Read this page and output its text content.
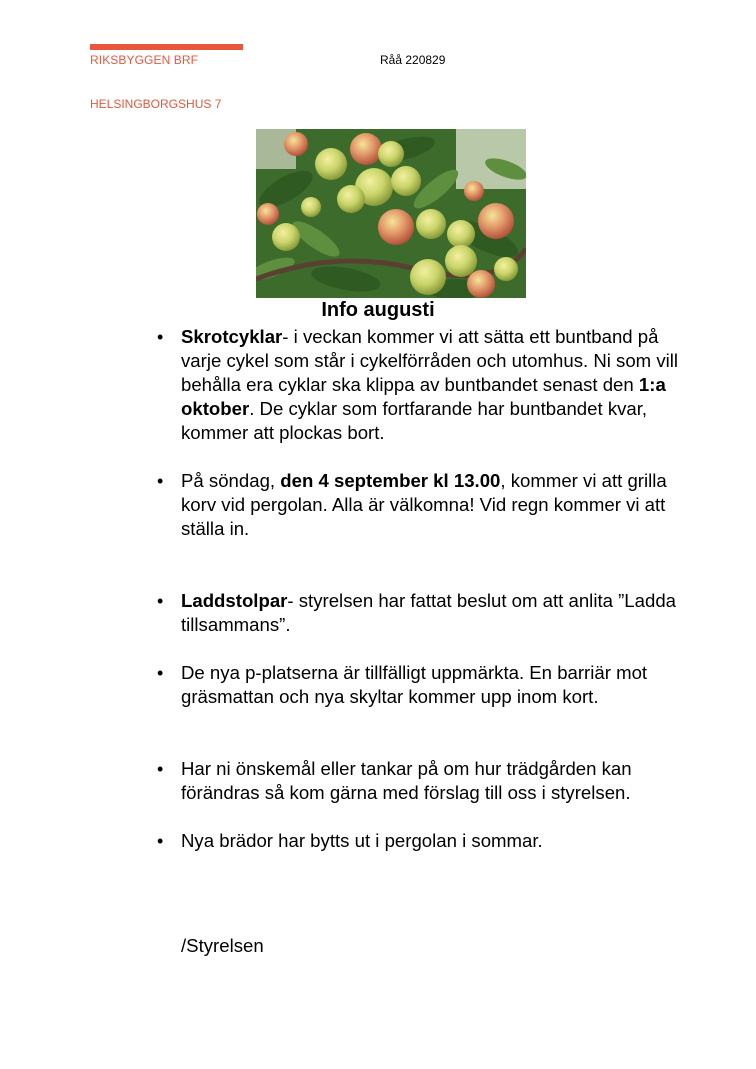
RIKSBYGGEN BRF	Råå 220829
HELSINGBORGSHUS 7
Info augusti
• Skrotcyklar- i veckan kommer vi att sätta ett buntband på varje cykel som står i cykelförråden och utomhus. Ni som vill behålla era cyklar ska klippa av buntbandet senast den 1:a oktober. De cyklar som fortfarande har buntbandet kvar, kommer att plockas bort.
• På söndag, den 4 september kl 13.00, kommer vi att grilla korv vid pergolan. Alla är välkomna! Vid regn kommer vi att ställa in.
• Laddstolpar- styrelsen har fattat beslut om att anlita ”Ladda tillsammans”.
• De nya p-platserna är tillfälligt uppmärkta. En barriär mot gräsmattan och nya skyltar kommer upp inom kort.
• Har ni önskemål eller tankar på om hur trädgården kan förändras så kom gärna med förslag till oss i styrelsen.
• Nya brädor har bytts ut i pergolan i sommar.
/Styrelsen
